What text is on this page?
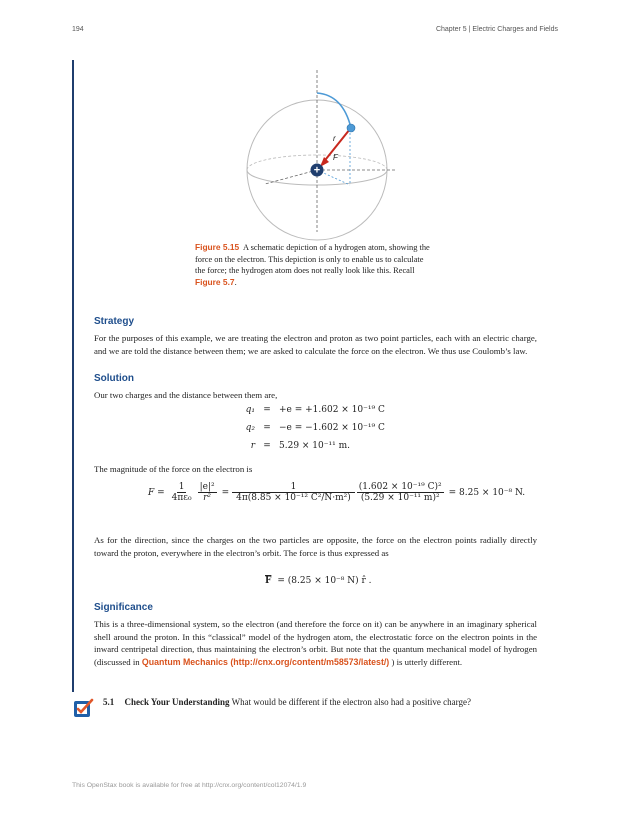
194	Chapter 5 | Electric Charges and Fields
+
r
F
Figure 5.15 A schematic depiction of a hydrogen atom, showing the force on the electron. This depiction is only to enable us to calculate the force; the hydrogen atom does not really look like this. Recall Figure 5.7.
Strategy
For the purposes of this example, we are treating the electron and proton as two point particles, each with an electric charge, and we are told the distance between them; we are asked to calculate the force on the electron. We thus use Coulomb’s law.
Solution
Our two charges and the distance between them are,
q₁ = +e = +1.602 × 10⁻¹⁹ C
q₂ = −e = −1.602 × 10⁻¹⁹ C
r = 5.29 × 10⁻¹¹ m.
The magnitude of the force on the electron is
$F = \frac{1}{\text{4πε₀}} \frac{\text{|e|²}}{\text{r²}} = \frac{1}{\text{4π(8.85 × 10⁻¹² C²/N·m²)}} \frac{\text{(1.602 × 10⁻¹⁹ C)²}}{\text{(5.29 × 10⁻¹¹ m)²}} = 8.25 \times 10^{-8}$ N.
As for the direction, since the charges on the two particles are opposite, the force on the electron points radially directly toward the proton, everywhere in the electron’s orbit. The force is thus expressed as
$\overline{F} = (8.25 \times 10^{-8}$ N) r̂ .
Significance
This is a three-dimensional system, so the electron (and therefore the force on it) can be anywhere in an imaginary spherical shell around the proton. In this “classical” model of the hydrogen atom, the electrostatic force on the electron points in the inward centripetal direction, thus maintaining the electron’s orbit. But note that the quantum mechanical model of hydrogen (discussed in Quantum Mechanics (http://cnx.org/content/m58573/latest/) ) is utterly different.
5.1 Check Your Understanding What would be different if the electron also had a positive charge?
This OpenStax book is available for free at http://cnx.org/content/col12074/1.9
